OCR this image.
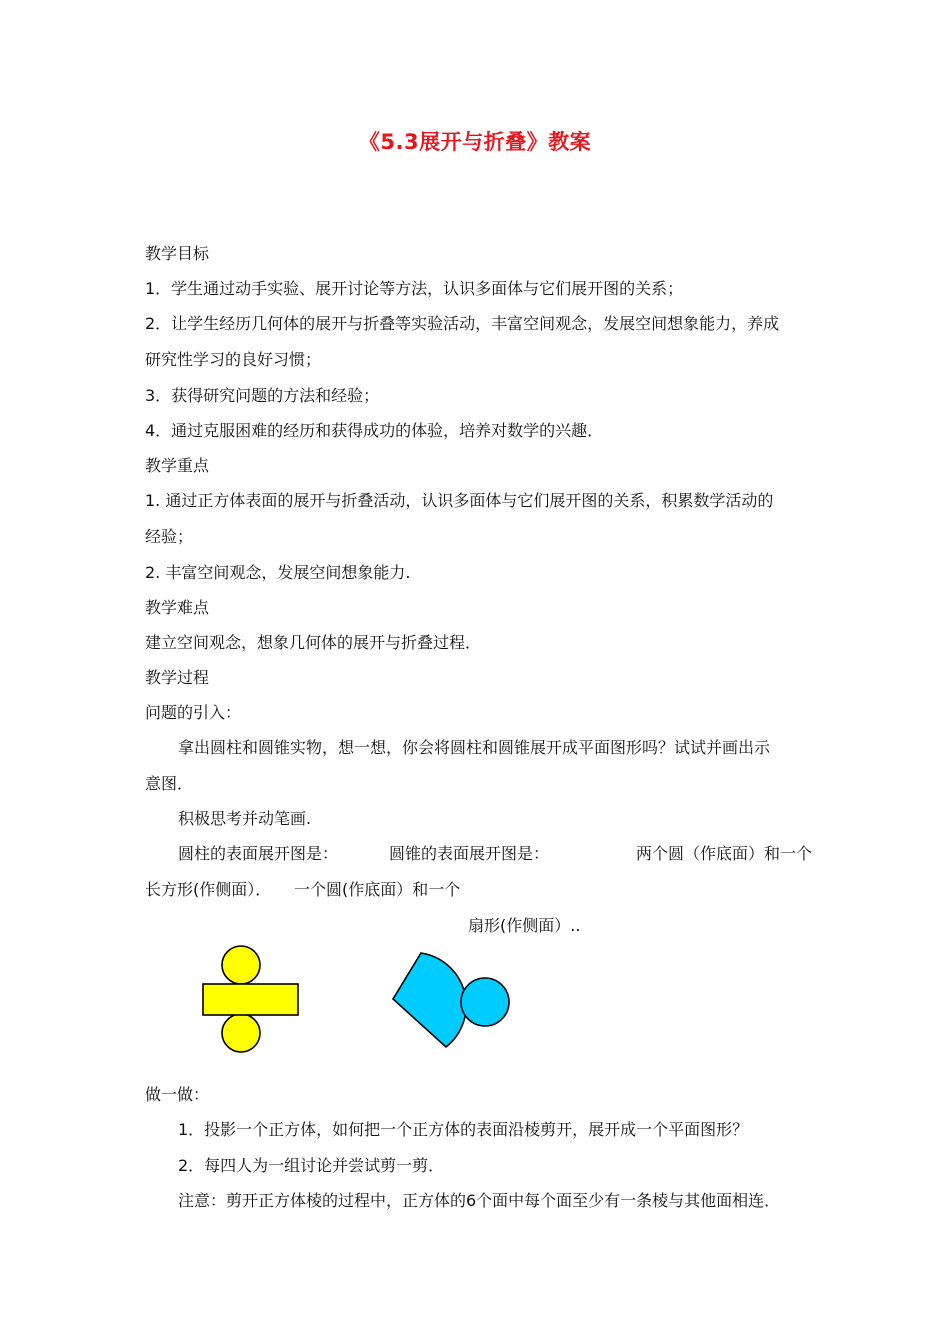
《5.3展开与折叠》教案
教学目标
1．学生通过动手实验、展开讨论等方法，认识多面体与它们展开图的关系；
2．让学生经历几何体的展开与折叠等实验活动，丰富空间观念，发展空间想象能力，养成
研究性学习的良好习惯；
3．获得研究问题的方法和经验；
4．通过克服困难的经历和获得成功的体验，培养对数学的兴趣．
教学重点
1. 通过正方体表面的展开与折叠活动，认识多面体与它们展开图的关系，积累数学活动的
经验；
2. 丰富空间观念，发展空间想象能力.
教学难点
建立空间观念，想象几何体的展开与折叠过程．
教学过程
问题的引入：
拿出圆柱和圆锥实物，想一想，你会将圆柱和圆锥展开成平面图形吗？试试并画出示
意图．
积极思考并动笔画.
圆柱的表面展开图是：	圆锥的表面展开图是：	两个圆（作底面）和一个
长方形(作侧面）． 一个圆(作底面）和一个
扇形(作侧面）..
做一做：
1．投影一个正方体，如何把一个正方体的表面沿棱剪开，展开成一个平面图形？
2．每四人为一组讨论并尝试剪一剪．
注意：剪开正方体棱的过程中，正方体的6个面中每个面至少有一条棱与其他面相连．
